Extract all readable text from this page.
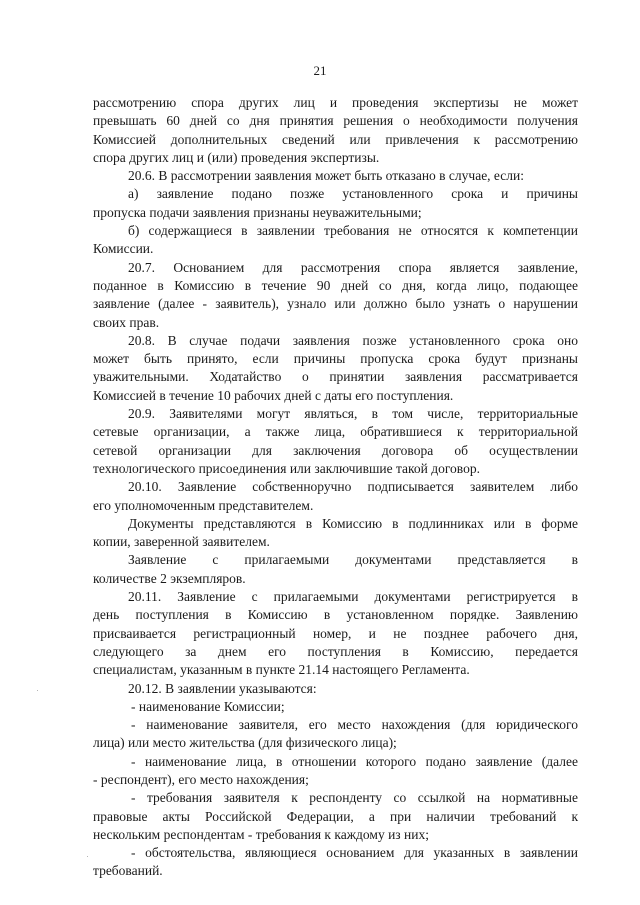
21
рассмотрению спора других лиц и проведения экспертизы не может
превышать 60 дней со дня принятия решения о необходимости получения
Комиссией дополнительных сведений или привлечения к рассмотрению
спора других лиц и (или) проведения экспертизы.
20.6. В рассмотрении заявления может быть отказано в случае, если:
а) заявление подано позже установленного срока и причины
пропуска подачи заявления признаны неуважительными;
б) содержащиеся в заявлении требования не относятся к компетенции
Комиссии.
20.7. Основанием для рассмотрения спора является заявление,
поданное в Комиссию в течение 90 дней со дня, когда лицо, подающее
заявление (далее - заявитель), узнало или должно было узнать о нарушении
своих прав.
20.8. В случае подачи заявления позже установленного срока оно
может быть принято, если причины пропуска срока будут признаны
уважительными. Ходатайство о принятии заявления рассматривается
Комиссией в течение 10 рабочих дней с даты его поступления.
20.9. Заявителями могут являться, в том числе, территориальные
сетевые организации, а также лица, обратившиеся к территориальной
сетевой организации для заключения договора об осуществлении
технологического присоединения или заключившие такой договор.
20.10. Заявление собственноручно подписывается заявителем либо
его уполномоченным представителем.
Документы представляются в Комиссию в подлинниках или в форме
копии, заверенной заявителем.
Заявление с прилагаемыми документами представляется в
количестве 2 экземпляров.
20.11. Заявление с прилагаемыми документами регистрируется в
день поступления в Комиссию в установленном порядке. Заявлению
присваивается регистрационный номер, и не позднее рабочего дня,
следующего за днем его поступления в Комиссию, передается
специалистам, указанным в пункте 21.14 настоящего Регламента.
20.12. В заявлении указываются:
- наименование Комиссии;
- наименование заявителя, его место нахождения (для юридического
лица) или место жительства (для физического лица);
- наименование лица, в отношении которого подано заявление (далее
- респондент), его место нахождения;
- требования заявителя к респонденту со ссылкой на нормативные
правовые акты Российской Федерации, а при наличии требований к
нескольким респондентам - требования к каждому из них;
- обстоятельства, являющиеся основанием для указанных в заявлении
требований.
